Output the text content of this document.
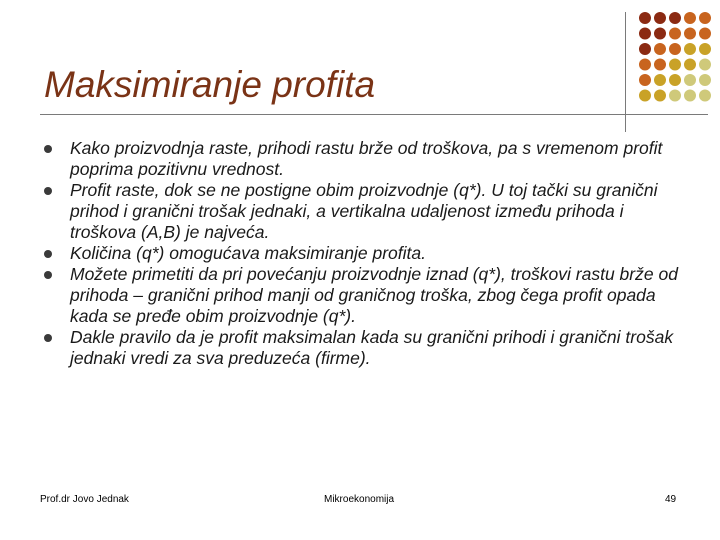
Maksimiranje profita
Kako proizvodnja raste, prihodi rastu brže od troškova, pa s vremenom profit poprima pozitivnu vrednost.
Profit raste, dok se ne postigne obim proizvodnje (q*). U toj tački su granični prihod i granični trošak jednaki, a vertikalna udaljenost između prihoda i troškova (A,B) je najveća.
Količina (q*) omogućava maksimiranje profita.
Možete primetiti da pri povećanju proizvodnje iznad (q*), troškovi rastu brže od prihoda – granični prihod manji od graničnog troška, zbog čega profit opada kada se pređe obim proizvodnje (q*).
Dakle pravilo da je profit maksimalan kada su granični prihodi i granični trošak jednaki vredi za sva preduzeća (firme).
Prof.dr Jovo Jednak	Mikroekonomija	49
